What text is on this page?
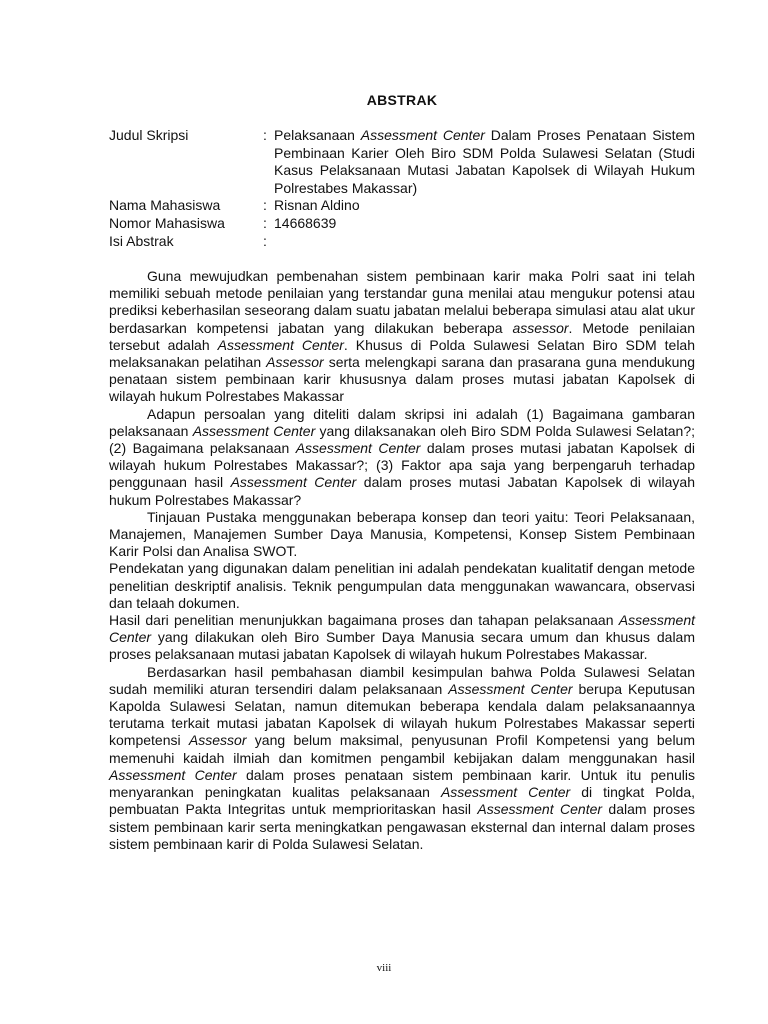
ABSTRAK
Judul Skripsi	: Pelaksanaan Assessment Center Dalam Proses Penataan Sistem Pembinaan Karier Oleh Biro SDM Polda Sulawesi Selatan (Studi Kasus Pelaksanaan Mutasi Jabatan Kapolsek di Wilayah Hukum Polrestabes Makassar)
Nama Mahasiswa	: Risnan Aldino
Nomor Mahasiswa	: 14668639
Isi Abstrak	:

Guna mewujudkan pembenahan sistem pembinaan karir maka Polri saat ini telah memiliki sebuah metode penilaian yang terstandar guna menilai atau mengukur potensi atau prediksi keberhasilan seseorang dalam suatu jabatan melalui beberapa simulasi atau alat ukur berdasarkan kompetensi jabatan yang dilakukan beberapa assessor. Metode penilaian tersebut adalah Assessment Center. Khusus di Polda Sulawesi Selatan Biro SDM telah melaksanakan pelatihan Assessor serta melengkapi sarana dan prasarana guna mendukung penataan sistem pembinaan karir khususnya dalam proses mutasi jabatan Kapolsek di wilayah hukum Polrestabes Makassar

Adapun persoalan yang diteliti dalam skripsi ini adalah (1) Bagaimana gambaran pelaksanaan Assessment Center yang dilaksanakan oleh Biro SDM Polda Sulawesi Selatan?; (2) Bagaimana pelaksanaan Assessment Center dalam proses mutasi jabatan Kapolsek di wilayah hukum Polrestabes Makassar?; (3) Faktor apa saja yang berpengaruh terhadap penggunaan hasil Assessment Center dalam proses mutasi Jabatan Kapolsek di wilayah hukum Polrestabes Makassar?

Tinjauan Pustaka menggunakan beberapa konsep dan teori yaitu: Teori Pelaksanaan, Manajemen, Manajemen Sumber Daya Manusia, Kompetensi, Konsep Sistem Pembinaan Karir Polsi dan Analisa SWOT.

Pendekatan yang digunakan dalam penelitian ini adalah pendekatan kualitatif dengan metode penelitian deskriptif analisis. Teknik pengumpulan data menggunakan wawancara, observasi dan telaah dokumen.

Hasil dari penelitian menunjukkan bagaimana proses dan tahapan pelaksanaan Assessment Center yang dilakukan oleh Biro Sumber Daya Manusia secara umum dan khusus dalam proses pelaksanaan mutasi jabatan Kapolsek di wilayah hukum Polrestabes Makassar.

Berdasarkan hasil pembahasan diambil kesimpulan bahwa Polda Sulawesi Selatan sudah memiliki aturan tersendiri dalam pelaksanaan Assessment Center berupa Keputusan Kapolda Sulawesi Selatan, namun ditemukan beberapa kendala dalam pelaksanaannya terutama terkait mutasi jabatan Kapolsek di wilayah hukum Polrestabes Makassar seperti kompetensi Assessor yang belum maksimal, penyusunan Profil Kompetensi yang belum memenuhi kaidah ilmiah dan komitmen pengambil kebijakan dalam menggunakan hasil Assessment Center dalam proses penataan sistem pembinaan karir. Untuk itu penulis menyarankan peningkatan kualitas pelaksanaan Assessment Center di tingkat Polda, pembuatan Pakta Integritas untuk memprioritaskan hasil Assessment Center dalam proses sistem pembinaan karir serta meningkatkan pengawasan eksternal dan internal dalam proses sistem pembinaan karir di Polda Sulawesi Selatan.

viii
